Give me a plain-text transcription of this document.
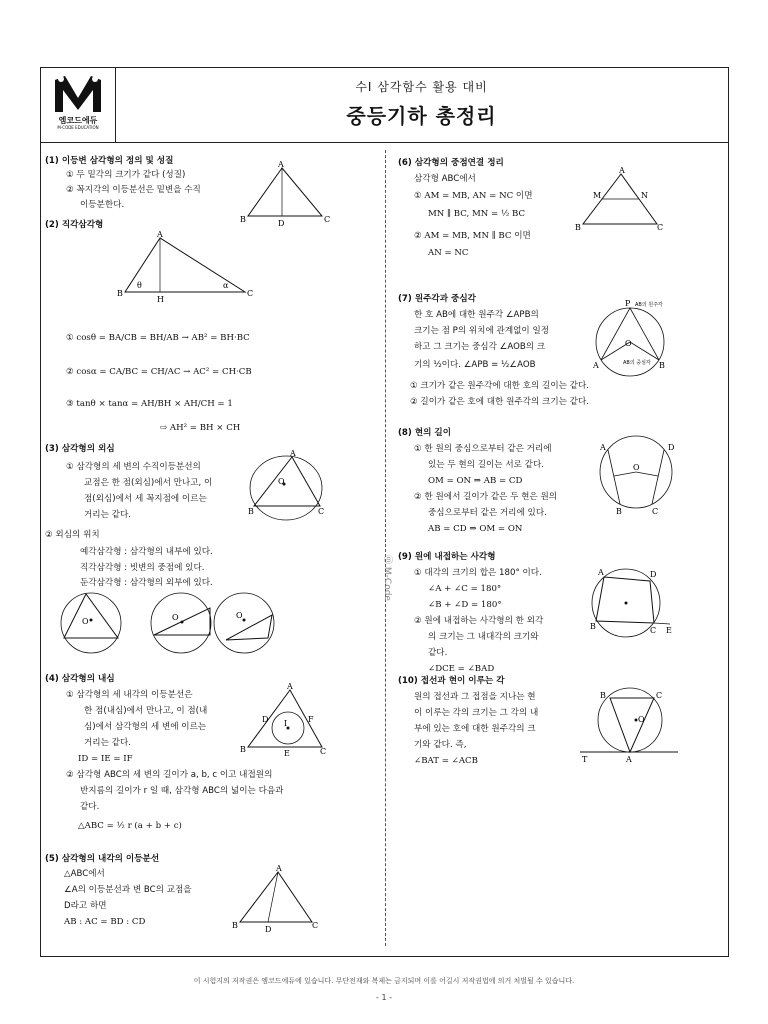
엠코드에듀
M-CODE EDUCATION
수Ⅰ 삼각함수 활용 대비
중등기하 총정리
ⓜ M-Code
(1) 이등변 삼각형의 정의 및 성질
① 두 밑각의 크기가 같다 (성질)
② 꼭지각의 이등분선은 밑변을 수직
이등분한다.
A
B	C
D
(2) 직각삼각형
A
B	C
H
θ	α
① cosθ = BA/CB = BH/AB → AB² = BH·BC
② cosα = CA/BC = CH/AC → AC² = CH·CB
③ tanθ × tanα = AH/BH × AH/CH = 1
⇨ AH² = BH × CH
(3) 삼각형의 외심
① 삼각형의 세 변의 수직이등분선의
교점은 한 점(외심)에서 만나고, 이
점(외심)에서 세 꼭지점에 이르는
거리는 같다.
A
B	C
O
② 외심의 위치
예각삼각형 : 삼각형의 내부에 있다.
직각삼각형 : 빗변의 중점에 있다.
둔각삼각형 : 삼각형의 외부에 있다.
O	O	O
(4) 삼각형의 내심
① 삼각형의 세 내각의 이등분선은
한 점(내심)에서 만나고, 이 점(내
심)에서 삼각형의 세 변에 이르는
거리는 같다.
ID = IE = IF
A
B	C
I
E
F
D
② 삼각형 ABC의 세 변의 길이가 a, b, c 이고 내접원의
반지름의 길이가 r 일 때, 삼각형 ABC의 넓이는 다음과
같다.
△ABC = ½ r (a + b + c)
(5) 삼각형의 내각의 이등분선
△ABC에서
∠A의 이등분선과 변 BC의 교점을
D라고 하면
AB : AC = BD : CD
A
B	C
D
(6) 삼각형의 중점연결 정리
삼각형 ABC에서
① AM = MB, AN = NC 이면
MN ∥ BC, MN = ½ BC
② AM = MB, MN ∥ BC 이면
AN = NC
A
B	C
M	N
(7) 원주각과 중심각
한 호 AB에 대한 원주각 ∠APB의
크기는 점 P의 위치에 관계없이 일정
하고 그 크기는 중심각 ∠AOB의 크
기의 ½이다. ∠APB = ½∠AOB
① 크기가 같은 원주각에 대한 호의 길이는 같다.
② 길이가 같은 호에 대한 원주각의 크기는 같다.
P
O
A	B
AB의 원주각
AB의 중심각
(8) 현의 길이
① 한 원의 중심으로부터 같은 거리에
있는 두 현의 길이는 서로 같다.
OM = ON ⇒ AB = CD
② 한 원에서 길이가 같은 두 현은 원의
중심으로부터 같은 거리에 있다.
AB = CD ⇒ OM = ON
O
A	D
B	C
(9) 원에 내접하는 사각형
① 대각의 크기의 합은 180° 이다.
∠A + ∠C = 180°
∠B + ∠D = 180°
② 원에 내접하는 사각형의 한 외각
의 크기는 그 내대각의 크기와
같다.
∠DCE = ∠BAD
A	D
B	C E
(10) 접선과 현이 이루는 각
원의 접선과 그 접점을 지나는 현
이 이루는 각의 크기는 그 각의 내
부에 있는 호에 대한 원주각의 크
기와 같다. 즉,
∠BAT = ∠ACB
B	C
A
T
O
이 시험지의 저작권은 엠코드에듀에 있습니다. 무단전재와 복제는 금지되며 이를 어길시 저작권법에 의거 처벌될 수 있습니다.
- 1 -
